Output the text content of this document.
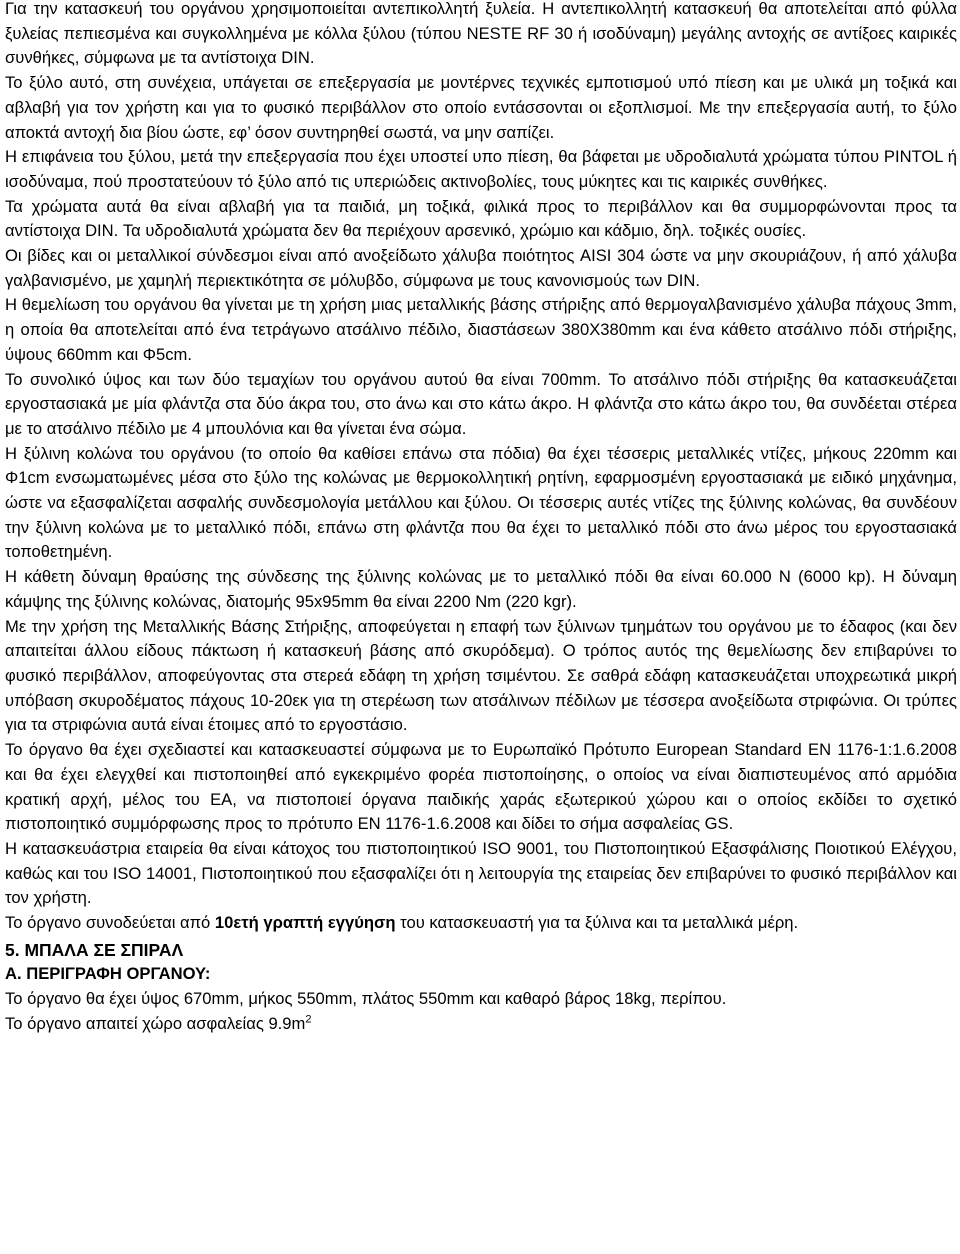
Για την κατασκευή του οργάνου χρησιμοποιείται αντεπικολλητή ξυλεία. Η αντεπικολλητή κατασκευή θα αποτελείται από φύλλα ξυλείας πεπιεσμένα και συγκολλημένα με κόλλα ξύλου (τύπου NESTE RF 30 ή ισοδύναμη) μεγάλης αντοχής σε αντίξοες καιρικές συνθήκες, σύμφωνα με τα αντίστοιχα DIN.

Το ξύλο αυτό, στη συνέχεια, υπάγεται σε επεξεργασία με μοντέρνες τεχνικές εμποτισμού υπό πίεση και με υλικά μη τοξικά και αβλαβή για τον χρήστη και για το φυσικό περιβάλλον στο οποίο εντάσσονται οι εξοπλισμοί. Με την επεξεργασία αυτή, το ξύλο αποκτά αντοχή δια βίου ώστε, εφ’ όσον συντηρηθεί σωστά, να μην σαπίζει.

Η επιφάνεια του ξύλου, μετά την επεξεργασία που έχει υποστεί υπο πίεση, θα βάφεται με υδροδιαλυτά χρώματα τύπου PINTOL ή ισοδύναμα, πού προστατεύουν τό ξύλο από τις υπεριώδεις ακτινοβολίες, τους μύκητες και τις καιρικές συνθήκες.

Τα χρώματα αυτά θα είναι αβλαβή για τα παιδιά, μη τοξικά, φιλικά προς το περιβάλλον και θα συμμορφώνονται προς τα αντίστοιχα DIN. Τα υδροδιαλυτά χρώματα δεν θα περιέχουν αρσενικό, χρώμιο και κάδμιο, δηλ. τοξικές ουσίες.

Οι βίδες και οι μεταλλικοί σύνδεσμοι είναι από ανοξείδωτο χάλυβα ποιότητος AISI 304 ώστε να μην σκουριάζουν, ή από χάλυβα γαλβανισμένο, με χαμηλή περιεκτικότητα σε μόλυβδο, σύμφωνα με τους κανονισμούς των DIN.

Η θεμελίωση του οργάνου θα γίνεται με τη χρήση μιας μεταλλικής βάσης στήριξης από θερμογαλβανισμένο χάλυβα πάχους 3mm, η οποία θα αποτελείται από ένα τετράγωνο ατσάλινο πέδιλο, διαστάσεων 380X380mm και ένα κάθετο ατσάλινο πόδι στήριξης, ύψους 660mm και Φ5cm.

Το συνολικό ύψος και των δύο τεμαχίων του οργάνου αυτού θα είναι 700mm. Το ατσάλινο πόδι στήριξης θα κατασκευάζεται εργοστασιακά με μία φλάντζα στα δύο άκρα του, στο άνω και στο κάτω άκρο. Η φλάντζα στο κάτω άκρο του, θα συνδέεται στέρεα με το ατσάλινο πέδιλο με 4 μπουλόνια και θα γίνεται ένα σώμα.

Η ξύλινη κολώνα του οργάνου (το οποίο θα καθίσει επάνω στα πόδια) θα έχει τέσσερις μεταλλικές ντίζες, μήκους 220mm και Φ1cm ενσωματωμένες μέσα στο ξύλο της κολώνας με θερμοκολλητική ρητίνη, εφαρμοσμένη εργοστασιακά με ειδικό μηχάνημα, ώστε να εξασφαλίζεται ασφαλής συνδεσμολογία μετάλλου και ξύλου. Οι τέσσερις αυτές ντίζες της ξύλινης κολώνας, θα συνδέουν την ξύλινη κολώνα με το μεταλλικό πόδι, επάνω στη φλάντζα που θα έχει το μεταλλικό πόδι στο άνω μέρος του εργοστασιακά τοποθετημένη.

Η κάθετη δύναμη θραύσης της σύνδεσης της ξύλινης κολώνας με το μεταλλικό πόδι θα είναι 60.000 N (6000 kp). Η δύναμη κάμψης της ξύλινης κολώνας, διατομής 95x95mm θα είναι 2200 Nm (220 kgr).

Με την χρήση της Μεταλλικής Βάσης Στήριξης, αποφεύγεται η επαφή των ξύλινων τμημάτων του οργάνου με το έδαφος (και δεν απαιτείται άλλου είδους πάκτωση ή κατασκευή βάσης από σκυρόδεμα). Ο τρόπος αυτός της θεμελίωσης δεν επιβαρύνει το φυσικό περιβάλλον, αποφεύγοντας στα στερεά εδάφη τη χρήση τσιμέντου. Σε σαθρά εδάφη κατασκευάζεται υποχρεωτικά μικρή υπόβαση σκυροδέματος πάχους 10-20εκ για τη στερέωση των ατσάλινων πέδιλων με τέσσερα ανοξείδωτα στριφώνια. Οι τρύπες για τα στριφώνια αυτά είναι έτοιμες από το εργοστάσιο.

Το όργανο θα έχει σχεδιαστεί και κατασκευαστεί σύμφωνα με το Ευρωπαϊκό Πρότυπο European Standard EN 1176-1:1.6.2008 και θα έχει ελεγχθεί και πιστοποιηθεί από εγκεκριμένο φορέα πιστοποίησης, ο οποίος να είναι διαπιστευμένος από αρμόδια κρατική αρχή, μέλος του EA, να πιστοποιεί όργανα παιδικής χαράς εξωτερικού χώρου και ο οποίος εκδίδει το σχετικό πιστοποιητικό συμμόρφωσης προς το πρότυπο EN 1176-1.6.2008 και δίδει το σήμα ασφαλείας GS.

Η κατασκευάστρια εταιρεία θα είναι κάτοχος του πιστοποιητικού ISO 9001, του Πιστοποιητικού Εξασφάλισης Ποιοτικού Ελέγχου, καθώς και του ISO 14001, Πιστοποιητικού που εξασφαλίζει ότι η λειτουργία της εταιρείας δεν επιβαρύνει το φυσικό περιβάλλον και τον χρήστη.

Το όργανο συνοδεύεται από 10ετή γραπτή εγγύηση του κατασκευαστή για τα ξύλινα και τα μεταλλικά μέρη.

5. ΜΠΑΛΑ ΣΕ ΣΠΙΡΑΛ

Α. ΠΕΡΙΓΡΑΦΗ ΟΡΓΑΝΟΥ:

Το όργανο θα έχει ύψος 670mm, μήκος 550mm, πλάτος 550mm και καθαρό βάρος 18kg, περίπου.

Το όργανο απαιτεί χώρο ασφαλείας $9.9m^2$
